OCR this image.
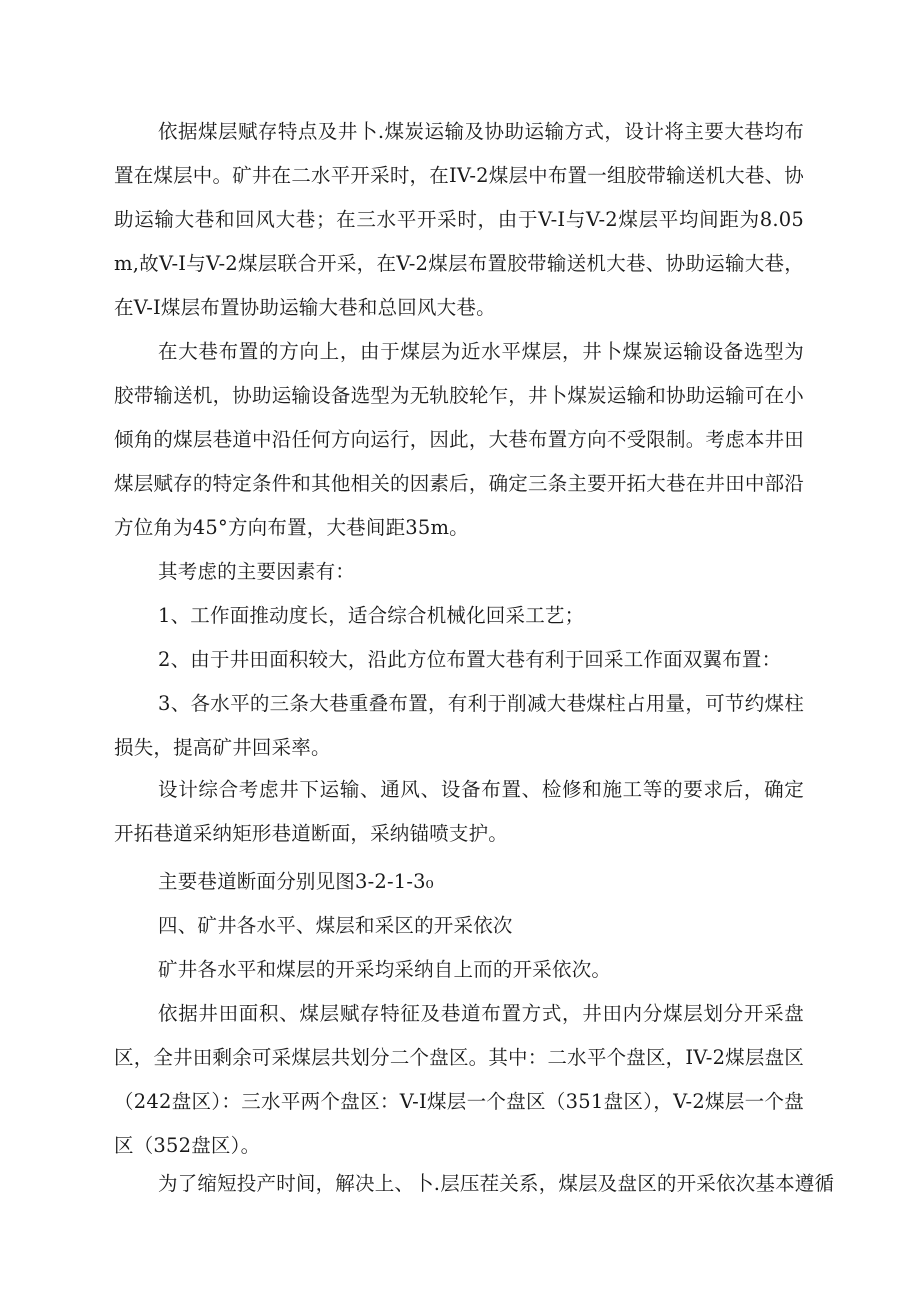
依据煤层赋存特点及井卜.煤炭运输及协助运输方式，设计将主要大巷均布置在煤层中。矿井在二水平开采时，在IV-2煤层中布置一组胶带输送机大巷、协助运输大巷和回风大巷；在三水平开采时，由于V-I与V-2煤层平均间距为8.05m,故V-I与V-2煤层联合开采，在V-2煤层布置胶带输送机大巷、协助运输大巷，在V-I煤层布置协助运输大巷和总回风大巷。

在大巷布置的方向上，由于煤层为近水平煤层，井卜煤炭运输设备选型为胶带输送机，协助运输设备选型为无轨胶轮乍，井卜煤炭运输和协助运输可在小倾角的煤层巷道中沿任何方向运行，因此，大巷布置方向不受限制。考虑本井田煤层赋存的特定条件和其他相关的因素后，确定三条主要开拓大巷在井田中部沿方位角为45°方向布置，大巷间距35m。

其考虑的主要因素有：

1、工作面推动度长，适合综合机械化回采工艺；

2、由于井田面积较大，沿此方位布置大巷有利于回采工作面双翼布置：

3、各水平的三条大巷重叠布置，有利于削减大巷煤柱占用量，可节约煤柱损失，提高矿井回采率。

设计综合考虑井下运输、通风、设备布置、检修和施工等的要求后，确定开拓巷道采纳矩形巷道断面，采纳锚喷支护。

主要巷道断面分别见图3-2-1-3₀

四、矿井各水平、煤层和采区的开采依次

矿井各水平和煤层的开采均采纳自上而的开采依次。

依据井田面积、煤层赋存特征及巷道布置方式，井田内分煤层划分开采盘区，全井田剩余可采煤层共划分二个盘区。其中：二水平个盘区，IV-2煤层盘区（242盘区）：三水平两个盘区：V-I煤层一个盘区（351盘区），V-2煤层一个盘区（352盘区）。

为了缩短投产时间，解决上、卜.层压茬关系，煤层及盘区的开采依次基本遵循
